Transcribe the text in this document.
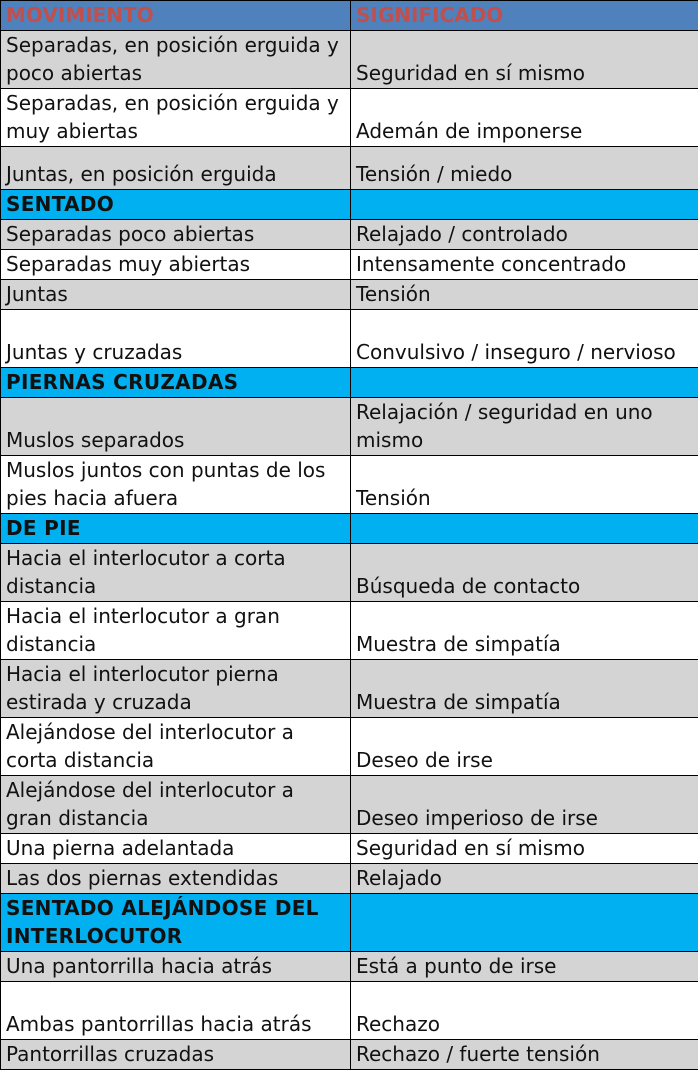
MOVIMIENTO	SIGNIFICADO
Separadas, en posición erguida y poco abiertas	Seguridad en sí mismo
Separadas, en posición erguida y muy abiertas	Ademán de imponerse
Juntas, en posición erguida	Tensión / miedo
SENTADO	
Separadas poco abiertas	Relajado / controlado
Separadas muy abiertas	Intensamente concentrado
Juntas	Tensión
Juntas y cruzadas	Convulsivo / inseguro / nervioso
PIERNAS CRUZADAS	
Muslos separados	Relajación / seguridad en uno mismo
Muslos juntos con puntas de los pies hacia afuera	Tensión
DE PIE	
Hacia el interlocutor a corta distancia	Búsqueda de contacto
Hacia el interlocutor a gran distancia	Muestra de simpatía
Hacia el interlocutor pierna estirada y cruzada	Muestra de simpatía
Alejándose del interlocutor a corta distancia	Deseo de irse
Alejándose del interlocutor a gran distancia	Deseo imperioso de irse
Una pierna adelantada	Seguridad en sí mismo
Las dos piernas extendidas	Relajado
SENTADO ALEJÁNDOSE DEL INTERLOCUTOR	
Una pantorrilla hacia atrás	Está a punto de irse
Ambas pantorrillas hacia atrás	Rechazo
Pantorrillas cruzadas	Rechazo / fuerte tensión
